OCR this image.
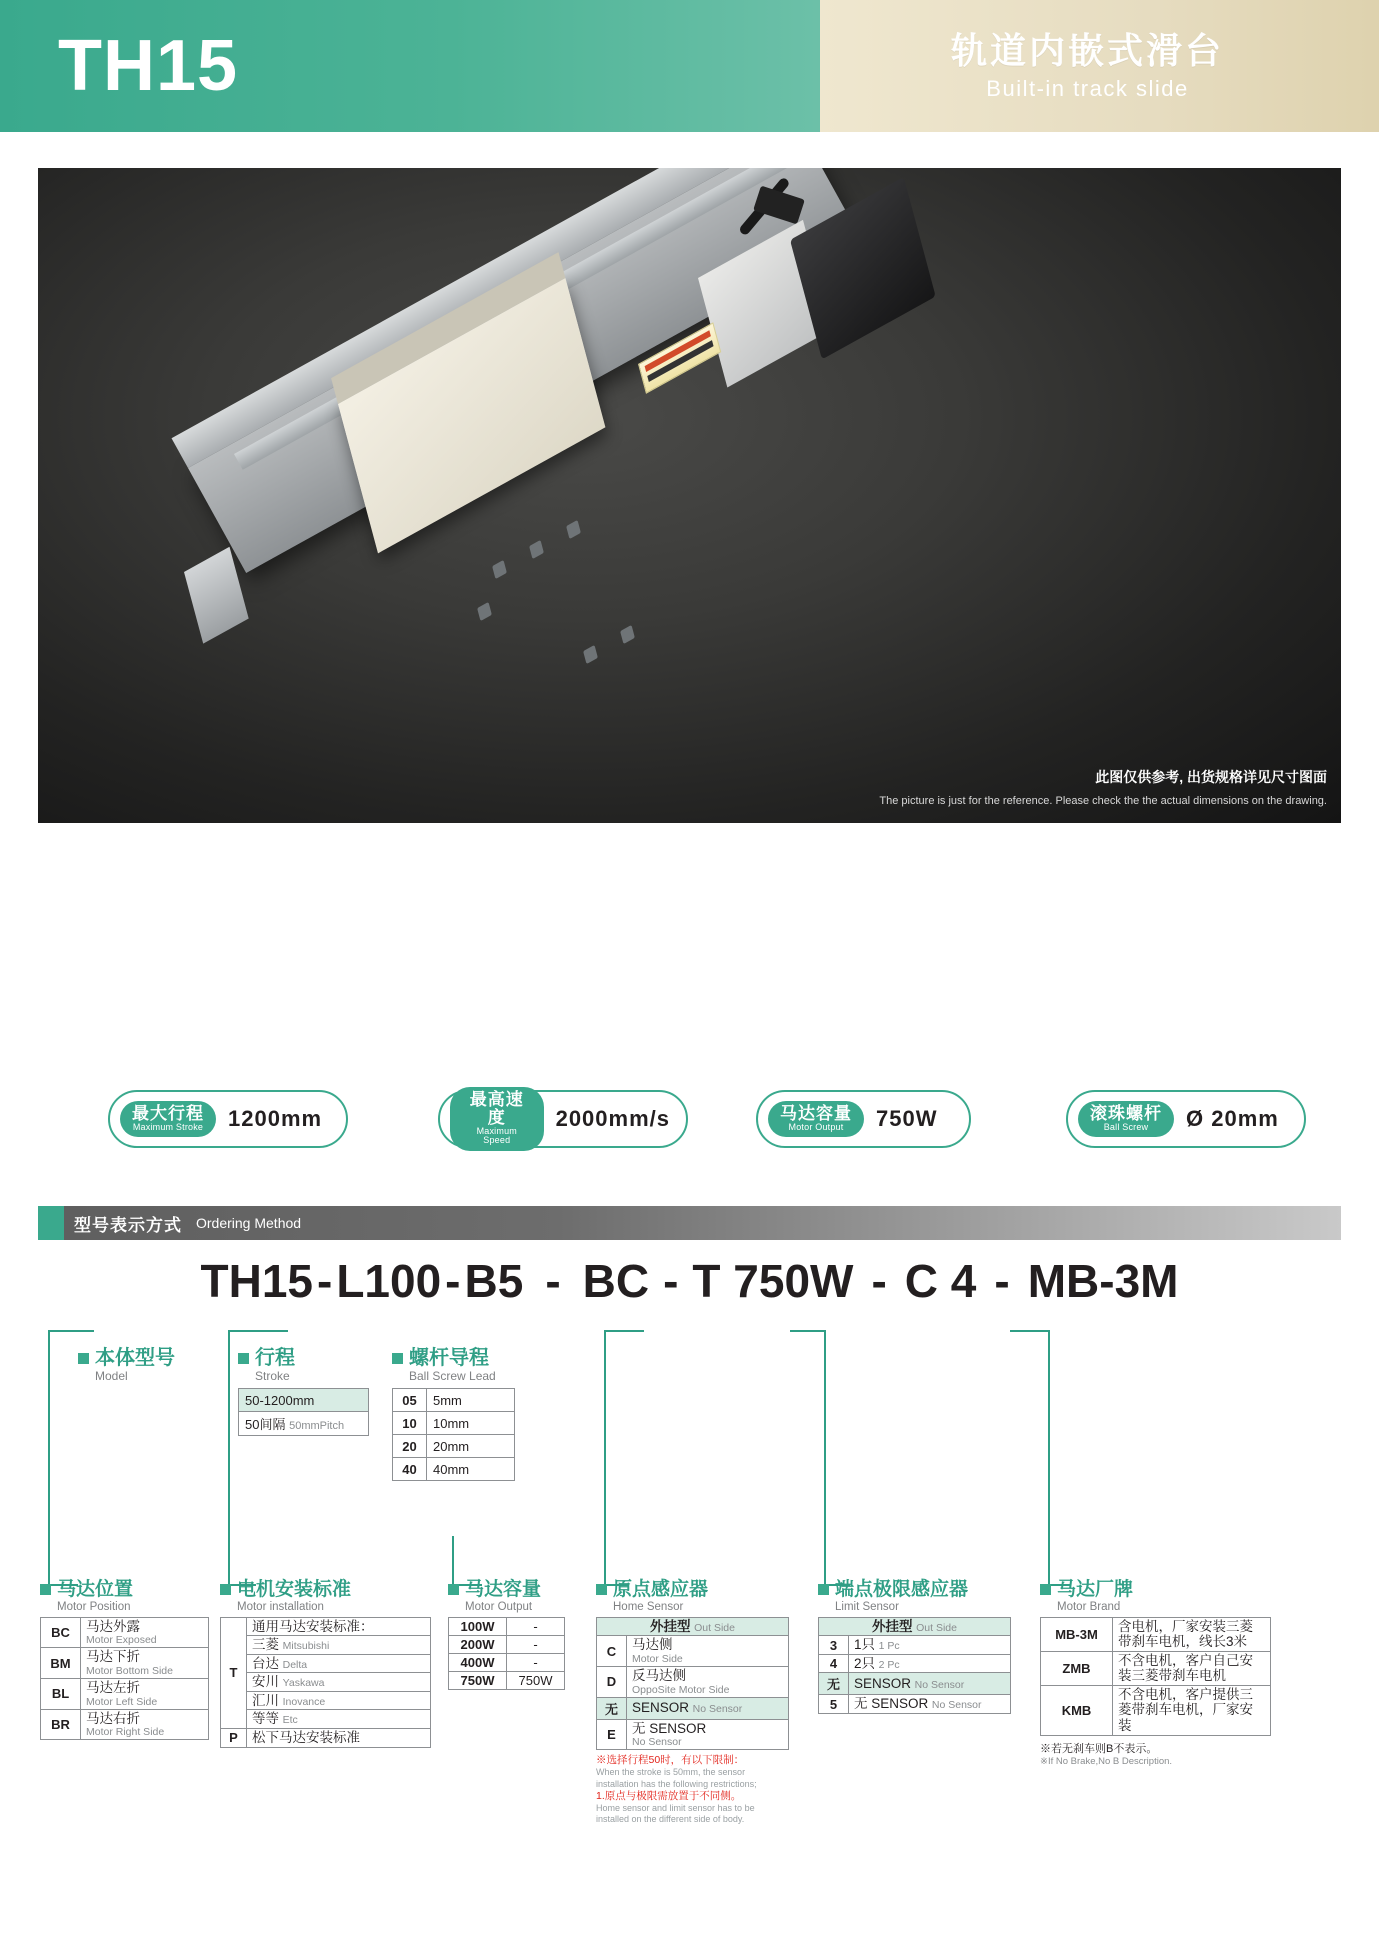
TH15	轨道内嵌式滑台
Built-in track slide
此图仅供参考, 出货规格详见尺寸图面
The picture is just for the reference. Please check the the actual dimensions on the drawing.
最大行程
Maximum Stroke 1200mm
最高速度
Maximum Speed
2000mm/s	马达容量
Motor Output	750W	滚珠螺杆
Ball Screw	Ø 20mm
型号表示方式 Ordering Method
TH15-L100-B5 - BC - T 750W - C 4 - MB-3M
本体型号
Model
行程
Stroke
50-1200mm
50间隔 50mmPitch
螺杆导程
Ball Screw Lead
05	5mm
10	10mm
20	20mm
40	40mm
马达位置
Motor Position
BC	马达外露
Motor Exposed

BM	马达下折
Motor Bottom Side

BL	马达左折
Motor Left Side

BR	马达右折
Motor Right Side
电机安装标准
Motor installation
T	通用马达安装标准：

	三菱 Mitsubishi
	台达 Delta
	安川 Yaskawa
	汇川 Inovance
	等等 Etc
P	松下马达安装标准
马达容量
Motor Output
100W	-
200W	-
400W	-
750W	750W
原点感应器
Home Sensor
外挂型 Out Side	
C	马达侧
Motor Side

D	反马达侧
OppoSite Motor Side

无	SENSOR No Sensor
E	无 SENSOR
No Sensor
※选择行程50时，有以下限制：
When the stroke is 50mm, the sensor installation has the following restrictions;
1.原点与极限需放置于不同侧。
Home sensor and limit sensor has to be installed on the different side of body.
端点极限感应器
Limit Sensor
外挂型 Out Side	
3	1只 1 Pc
4	2只 2 Pc
无	SENSOR No Sensor
5	无 SENSOR No Sensor
马达厂牌
Motor Brand
MB-3M	含电机，厂家安装三菱带刹车电机，线长3米

ZMB	不含电机，客户自己安装三菱带刹车电机

KMB	不含电机，客户提供三菱带刹车电机，厂家安装
※若无刹车则B不表示。
※If No Brake,No B Description.
